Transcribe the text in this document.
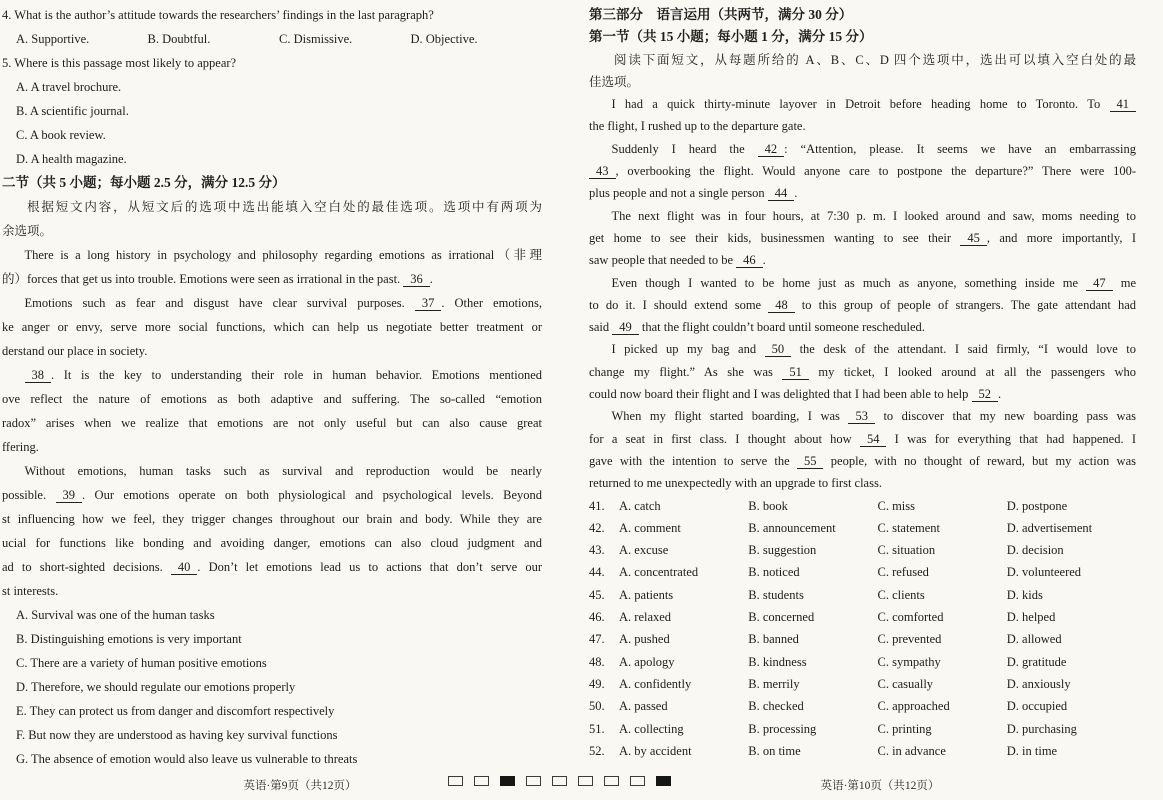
4. What is the author’s attitude towards the researchers’ findings in the last paragraph?
A. Supportive.	B. Doubtful.	C. Dismissive.	D. Objective.
5. Where is this passage most likely to appear?
A. A travel brochure.
B. A scientific journal.
C. A book review.
D. A health magazine.
二节（共 5 小题；每小题 2.5 分，满分 12.5 分）
根据短文内容，从短文后的选项中选出能填入空白处的最佳选项。选项中有两项为
余选项。
There is a long history in psychology and philosophy regarding emotions as irrational（非理
的）forces that get us into trouble. Emotions were seen as irrational in the past. 36 .
Emotions such as fear and disgust have clear survival purposes. 37 . Other emotions,
ke anger or envy, serve more social functions, which can help us negotiate better treatment or
derstand our place in society.
38 . It is the key to understanding their role in human behavior. Emotions mentioned
ove reflect the nature of emotions as both adaptive and suffering. The so-called “emotion
radox” arises when we realize that emotions are not only useful but can also cause great
ffering.
Without emotions, human tasks such as survival and reproduction would be nearly
possible. 39 . Our emotions operate on both physiological and psychological levels. Beyond
st influencing how we feel, they trigger changes throughout our brain and body. While they are
ucial for functions like bonding and avoiding danger, emotions can also cloud judgment and
ad to short-sighted decisions. 40 . Don’t let emotions lead us to actions that don’t serve our
st interests.
A. Survival was one of the human tasks
B. Distinguishing emotions is very important
C. There are a variety of human positive emotions
D. Therefore, we should regulate our emotions properly
E. They can protect us from danger and discomfort respectively
F. But now they are understood as having key survival functions
G. The absence of emotion would also leave us vulnerable to threats
第三部分　语言运用（共两节，满分 30 分）
第一节（共 15 小题；每小题 1 分，满分 15 分）
阅读下面短文，从每题所给的 A、B、C、D 四个选项中，选出可以填入空白处的最
佳选项。
I had a quick thirty-minute layover in Detroit before heading home to Toronto. To 41
the flight, I rushed up to the departure gate.
Suddenly I heard the 42 : “Attention, please. It seems we have an embarrassing
43 , overbooking the flight. Would anyone care to postpone the departure?” There were 100-
plus people and not a single person 44 .
The next flight was in four hours, at 7:30 p. m. I looked around and saw, moms needing to
get home to see their kids, businessmen wanting to see their 45 , and more importantly, I
saw people that needed to be 46 .
Even though I wanted to be home just as much as anyone, something inside me 47 me
to do it. I should extend some 48 to this group of people of strangers. The gate attendant had
said 49 that the flight couldn’t board until someone rescheduled.
I picked up my bag and 50 the desk of the attendant. I said firmly, “I would love to
change my flight.” As she was 51 my ticket, I looked around at all the passengers who
could now board their flight and I was delighted that I had been able to help 52 .
When my flight started boarding, I was 53 to discover that my new boarding pass was
for a seat in first class. I thought about how 54 I was for everything that had happened. I
gave with the intention to serve the 55 people, with no thought of reward, but my action was
returned to me unexpectedly with an upgrade to first class.
41.	A. catch	B. book	C. miss	D. postpone
42.	A. comment	B. announcement	C. statement	D. advertisement
43.	A. excuse	B. suggestion	C. situation	D. decision
44.	A. concentrated	B. noticed	C. refused	D. volunteered
45.	A. patients	B. students	C. clients	D. kids
46.	A. relaxed	B. concerned	C. comforted	D. helped
47.	A. pushed	B. banned	C. prevented	D. allowed
48.	A. apology	B. kindness	C. sympathy	D. gratitude
49.	A. confidently	B. merrily	C. casually	D. anxiously
50.	A. passed	B. checked	C. approached	D. occupied
51.	A. collecting	B. processing	C. printing	D. purchasing
52.	A. by accident	B. on time	C. in advance	D. in time
英语·第9页（共12页）	英语·第10页（共12页）
